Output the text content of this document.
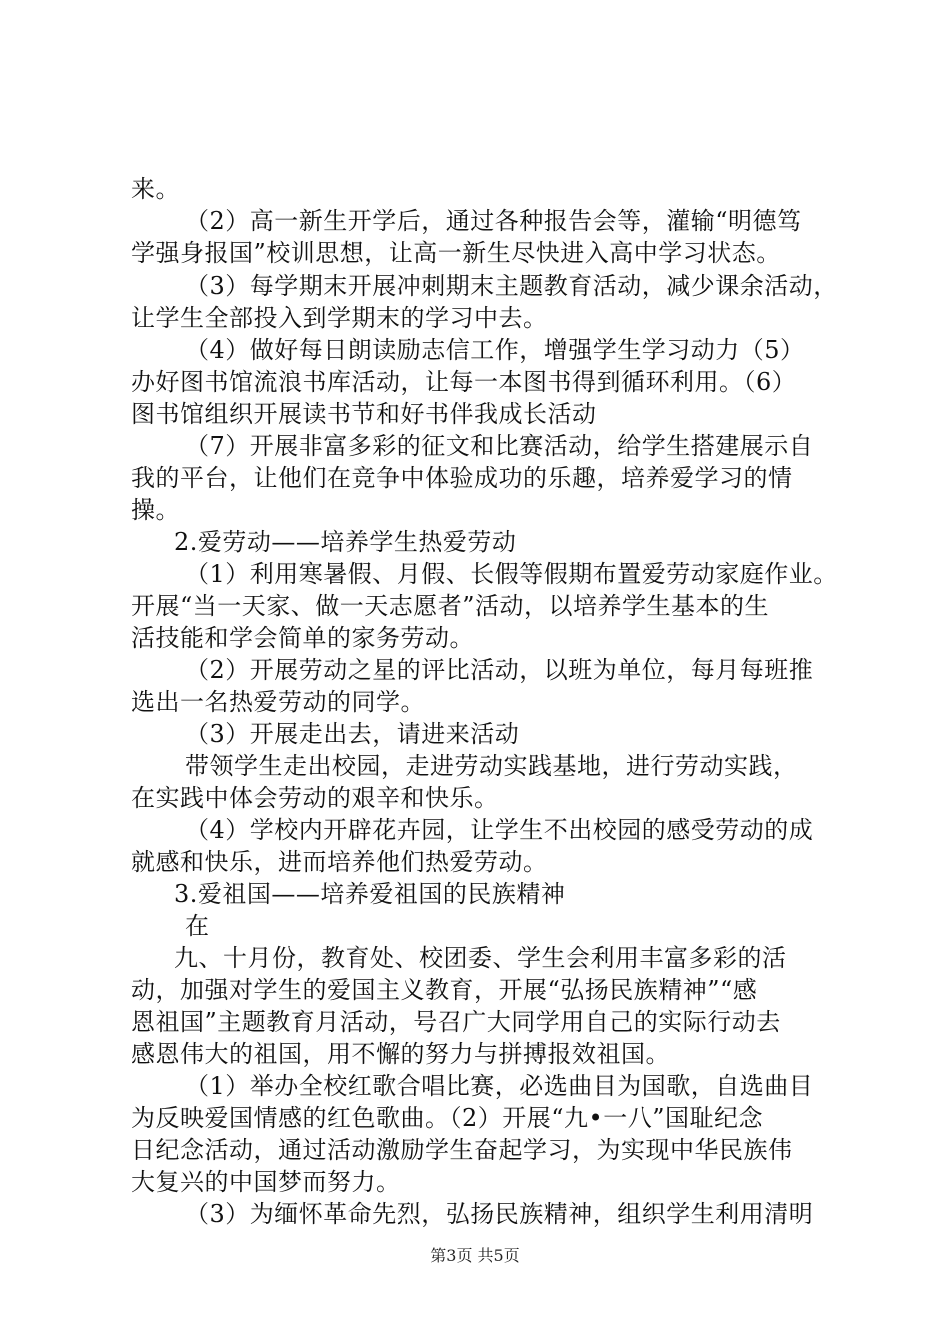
来。
（2）高一新生开学后，通过各种报告会等，灌输“明德笃
学强身报国”校训思想，让高一新生尽快进入高中学习状态。
（3）每学期末开展冲刺期末主题教育活动，减少课余活动，
让学生全部投入到学期末的学习中去。
（4）做好每日朗读励志信工作，增强学生学习动力（5）
办好图书馆流浪书库活动，让每一本图书得到循环利用。（6）
图书馆组织开展读书节和好书伴我成长活动
（7）开展非富多彩的征文和比赛活动，给学生搭建展示自
我的平台，让他们在竞争中体验成功的乐趣，培养爱学习的情
操。
2.爱劳动——培养学生热爱劳动
（1）利用寒暑假、月假、长假等假期布置爱劳动家庭作业。
开展“当一天家、做一天志愿者”活动，以培养学生基本的生
活技能和学会简单的家务劳动。
（2）开展劳动之星的评比活动，以班为单位，每月每班推
选出一名热爱劳动的同学。
（3）开展走出去，请进来活动
带领学生走出校园，走进劳动实践基地，进行劳动实践，
在实践中体会劳动的艰辛和快乐。
（4）学校内开辟花卉园，让学生不出校园的感受劳动的成
就感和快乐，进而培养他们热爱劳动。
3.爱祖国——培养爱祖国的民族精神
在
九、十月份，教育处、校团委、学生会利用丰富多彩的活
动，加强对学生的爱国主义教育，开展“弘扬民族精神”“感
恩祖国”主题教育月活动，号召广大同学用自己的实际行动去
感恩伟大的祖国，用不懈的努力与拼搏报效祖国。
（1）举办全校红歌合唱比赛，必选曲目为国歌，自选曲目
为反映爱国情感的红色歌曲。（2）开展“九•一八”国耻纪念
日纪念活动，通过活动激励学生奋起学习，为实现中华民族伟
大复兴的中国梦而努力。
（3）为缅怀革命先烈，弘扬民族精神，组织学生利用清明
第3页 共5页
